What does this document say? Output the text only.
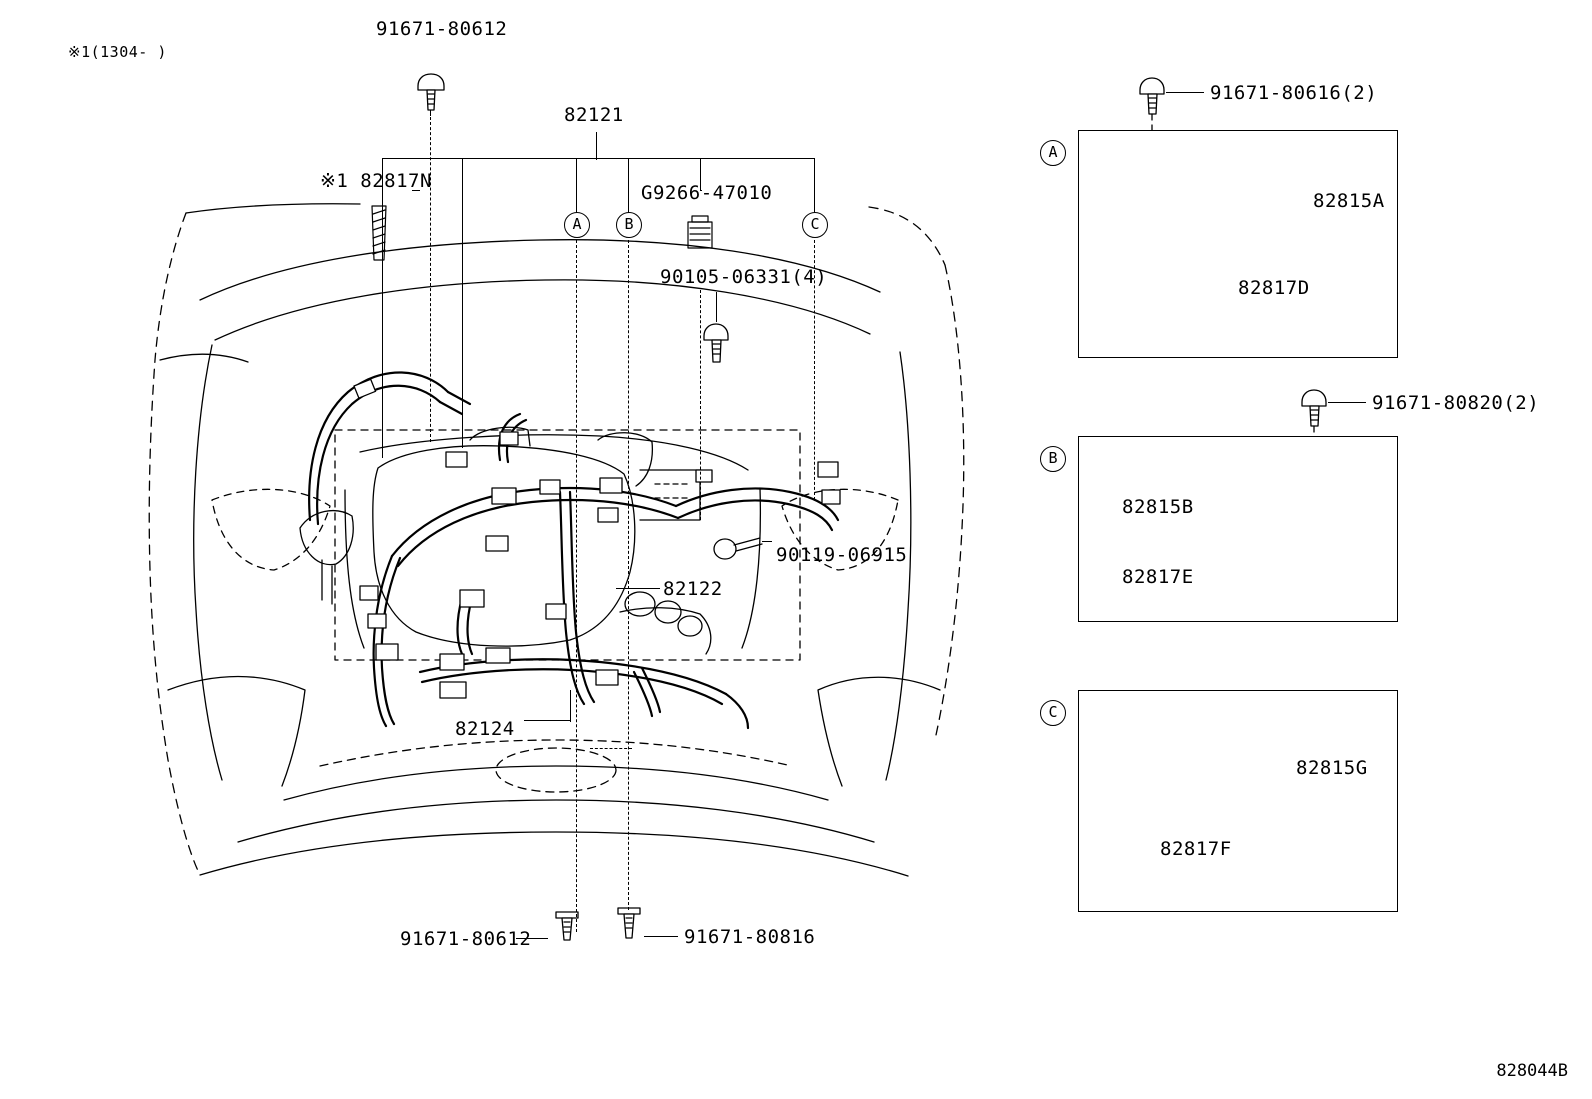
A
B
C
A	B	C
※1(1304- )
91671-80612
82121
※1 82817N
G9266-47010
90105-06331(4)
90119-06915
82122
82124
91671-80612	91671-80816
91671-80616(2)
91671-80820(2)
82815A
82817D
82815B
82817E
82815G
82817F
828044B
